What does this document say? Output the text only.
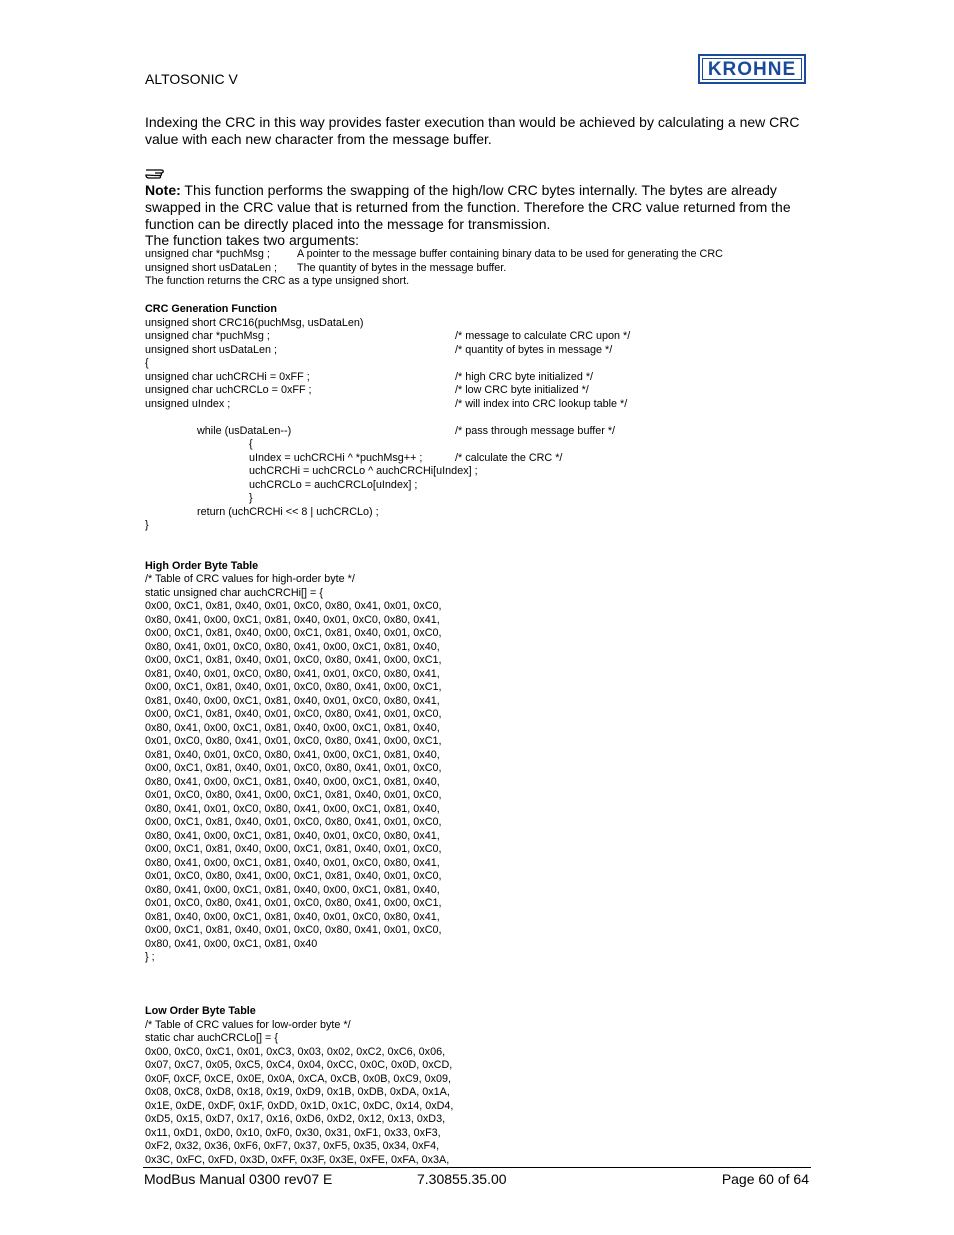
ALTOSONIC V	KROHNE
Indexing the CRC in this way provides faster execution than would be achieved by calculating a new CRC value with each new character from the message buffer.
Note: This function performs the swapping of the high/low CRC bytes internally. The bytes are already swapped in the CRC value that is returned from the function. Therefore the CRC value returned from the function can be directly placed into the message for transmission.
The function takes two arguments:
unsigned char *puchMsg ;	A pointer to the message buffer containing binary data to be used for generating the CRC
unsigned short usDataLen ;	The quantity of bytes in the message buffer.
The function returns the CRC as a type unsigned short.
CRC Generation Function
unsigned short CRC16(puchMsg, usDataLen)
unsigned char *puchMsg ;	/* message to calculate CRC upon */
unsigned short usDataLen ;	/* quantity of bytes in message */
{
unsigned char uchCRCHi = 0xFF ;	/* high CRC byte initialized */
unsigned char uchCRCLo = 0xFF ;	/* low CRC byte initialized */
unsigned uIndex ;	/* will index into CRC lookup table */
while (usDataLen--)	/* pass through message buffer */
{
uIndex = uchCRCHi ^ *puchMsg++ ;	/* calculate the CRC */
uchCRCHi = uchCRCLo ^ auchCRCHi[uIndex] ;
uchCRCLo = auchCRCLo[uIndex] ;
}
return (uchCRCHi << 8 | uchCRCLo) ;
}
High Order Byte Table
/* Table of CRC values for high-order byte */
static unsigned char auchCRCHi[] = {
0x00, 0xC1, 0x81, 0x40, 0x01, 0xC0, 0x80, 0x41, 0x01, 0xC0,
0x80, 0x41, 0x00, 0xC1, 0x81, 0x40, 0x01, 0xC0, 0x80, 0x41,
0x00, 0xC1, 0x81, 0x40, 0x00, 0xC1, 0x81, 0x40, 0x01, 0xC0,
0x80, 0x41, 0x01, 0xC0, 0x80, 0x41, 0x00, 0xC1, 0x81, 0x40,
0x00, 0xC1, 0x81, 0x40, 0x01, 0xC0, 0x80, 0x41, 0x00, 0xC1,
0x81, 0x40, 0x01, 0xC0, 0x80, 0x41, 0x01, 0xC0, 0x80, 0x41,
0x00, 0xC1, 0x81, 0x40, 0x01, 0xC0, 0x80, 0x41, 0x00, 0xC1,
0x81, 0x40, 0x00, 0xC1, 0x81, 0x40, 0x01, 0xC0, 0x80, 0x41,
0x00, 0xC1, 0x81, 0x40, 0x01, 0xC0, 0x80, 0x41, 0x01, 0xC0,
0x80, 0x41, 0x00, 0xC1, 0x81, 0x40, 0x00, 0xC1, 0x81, 0x40,
0x01, 0xC0, 0x80, 0x41, 0x01, 0xC0, 0x80, 0x41, 0x00, 0xC1,
0x81, 0x40, 0x01, 0xC0, 0x80, 0x41, 0x00, 0xC1, 0x81, 0x40,
0x00, 0xC1, 0x81, 0x40, 0x01, 0xC0, 0x80, 0x41, 0x01, 0xC0,
0x80, 0x41, 0x00, 0xC1, 0x81, 0x40, 0x00, 0xC1, 0x81, 0x40,
0x01, 0xC0, 0x80, 0x41, 0x00, 0xC1, 0x81, 0x40, 0x01, 0xC0,
0x80, 0x41, 0x01, 0xC0, 0x80, 0x41, 0x00, 0xC1, 0x81, 0x40,
0x00, 0xC1, 0x81, 0x40, 0x01, 0xC0, 0x80, 0x41, 0x01, 0xC0,
0x80, 0x41, 0x00, 0xC1, 0x81, 0x40, 0x01, 0xC0, 0x80, 0x41,
0x00, 0xC1, 0x81, 0x40, 0x00, 0xC1, 0x81, 0x40, 0x01, 0xC0,
0x80, 0x41, 0x00, 0xC1, 0x81, 0x40, 0x01, 0xC0, 0x80, 0x41,
0x01, 0xC0, 0x80, 0x41, 0x00, 0xC1, 0x81, 0x40, 0x01, 0xC0,
0x80, 0x41, 0x00, 0xC1, 0x81, 0x40, 0x00, 0xC1, 0x81, 0x40,
0x01, 0xC0, 0x80, 0x41, 0x01, 0xC0, 0x80, 0x41, 0x00, 0xC1,
0x81, 0x40, 0x00, 0xC1, 0x81, 0x40, 0x01, 0xC0, 0x80, 0x41,
0x00, 0xC1, 0x81, 0x40, 0x01, 0xC0, 0x80, 0x41, 0x01, 0xC0,
0x80, 0x41, 0x00, 0xC1, 0x81, 0x40
} ;
Low Order Byte Table
/* Table of CRC values for low-order byte */
static char auchCRCLo[] = {
0x00, 0xC0, 0xC1, 0x01, 0xC3, 0x03, 0x02, 0xC2, 0xC6, 0x06,
0x07, 0xC7, 0x05, 0xC5, 0xC4, 0x04, 0xCC, 0x0C, 0x0D, 0xCD,
0x0F, 0xCF, 0xCE, 0x0E, 0x0A, 0xCA, 0xCB, 0x0B, 0xC9, 0x09,
0x08, 0xC8, 0xD8, 0x18, 0x19, 0xD9, 0x1B, 0xDB, 0xDA, 0x1A,
0x1E, 0xDE, 0xDF, 0x1F, 0xDD, 0x1D, 0x1C, 0xDC, 0x14, 0xD4,
0xD5, 0x15, 0xD7, 0x17, 0x16, 0xD6, 0xD2, 0x12, 0x13, 0xD3,
0x11, 0xD1, 0xD0, 0x10, 0xF0, 0x30, 0x31, 0xF1, 0x33, 0xF3,
0xF2, 0x32, 0x36, 0xF6, 0xF7, 0x37, 0xF5, 0x35, 0x34, 0xF4,
0x3C, 0xFC, 0xFD, 0x3D, 0xFF, 0x3F, 0x3E, 0xFE, 0xFA, 0x3A,
ModBus Manual 0300 rev07 E	7.30855.35.00	Page 60 of 64
